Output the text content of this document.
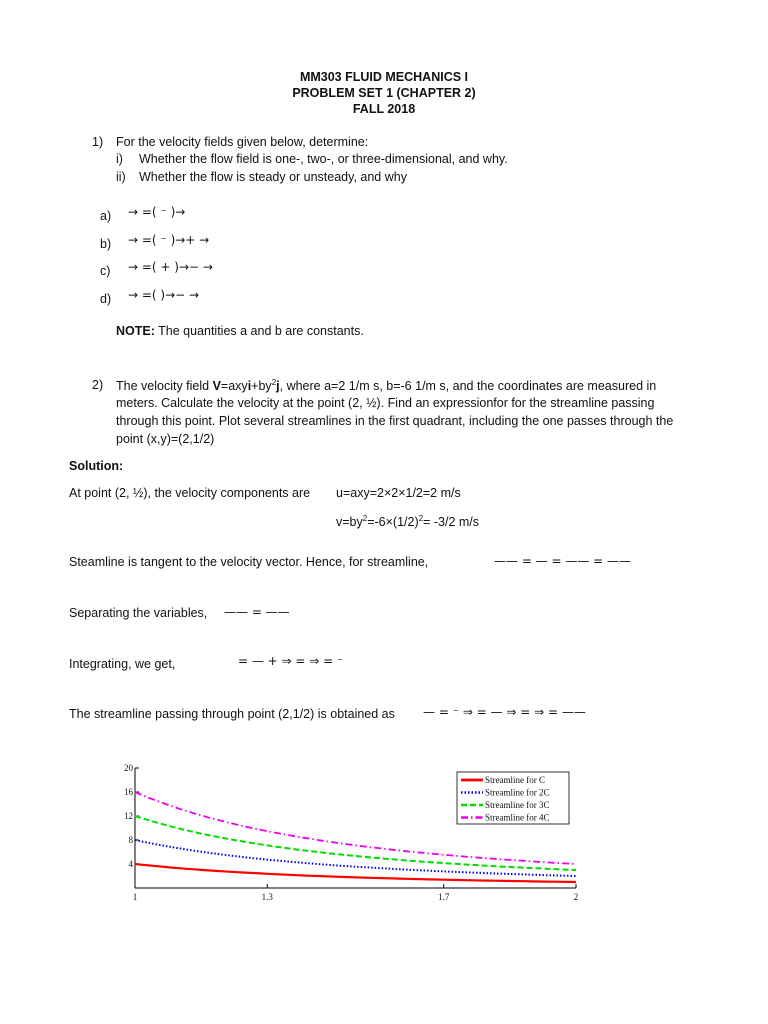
MM303 FLUID MECHANICS I
PROBLEM SET 1 (CHAPTER 2)
FALL 2018
1) For the velocity fields given below, determine:
i) Whether the flow field is one-, two-, or three-dimensional, and why.
ii) Whether the flow is steady or unsteady, and why
a) → =( ⁻ )→
b) → =( ⁻ )→+ →
c) → =( + )→− →
d) → =( )→− →
NOTE: The quantities a and b are constants.
2) The velocity field $V=axyi+by^2j$, where a=2 1/m s, b=-6 1/m s, and the coordinates are measured in
meters. Calculate the velocity at the point (2, ½). Find an expressionfor for the streamline passing
through this point. Plot several streamlines in the first quadrant, including the one passes through the
point (x,y)=(2,1/2)
Solution:
At point (2, ½), the velocity components are u=axy=2×2×1/2=2 m/s
$v=by^2=-6\times(1/2)^2= -3/2$ m/s
Steamline is tangent to the velocity vector. Hence, for streamline,	—— = — = —— = ——
Separating the variables, —— = ——
Integrating, we get,	= — + ⇒ = ⇒ = ⁻
The streamline passing through point (2,1/2) is obtained as — = ⁻ ⇒ = — ⇒ = ⇒ = ——
4
8
12
16
20
1	1.3	1.7	2
Streamline for C
Streamline for 2C
Streamline for 3C
Streamline for 4C
